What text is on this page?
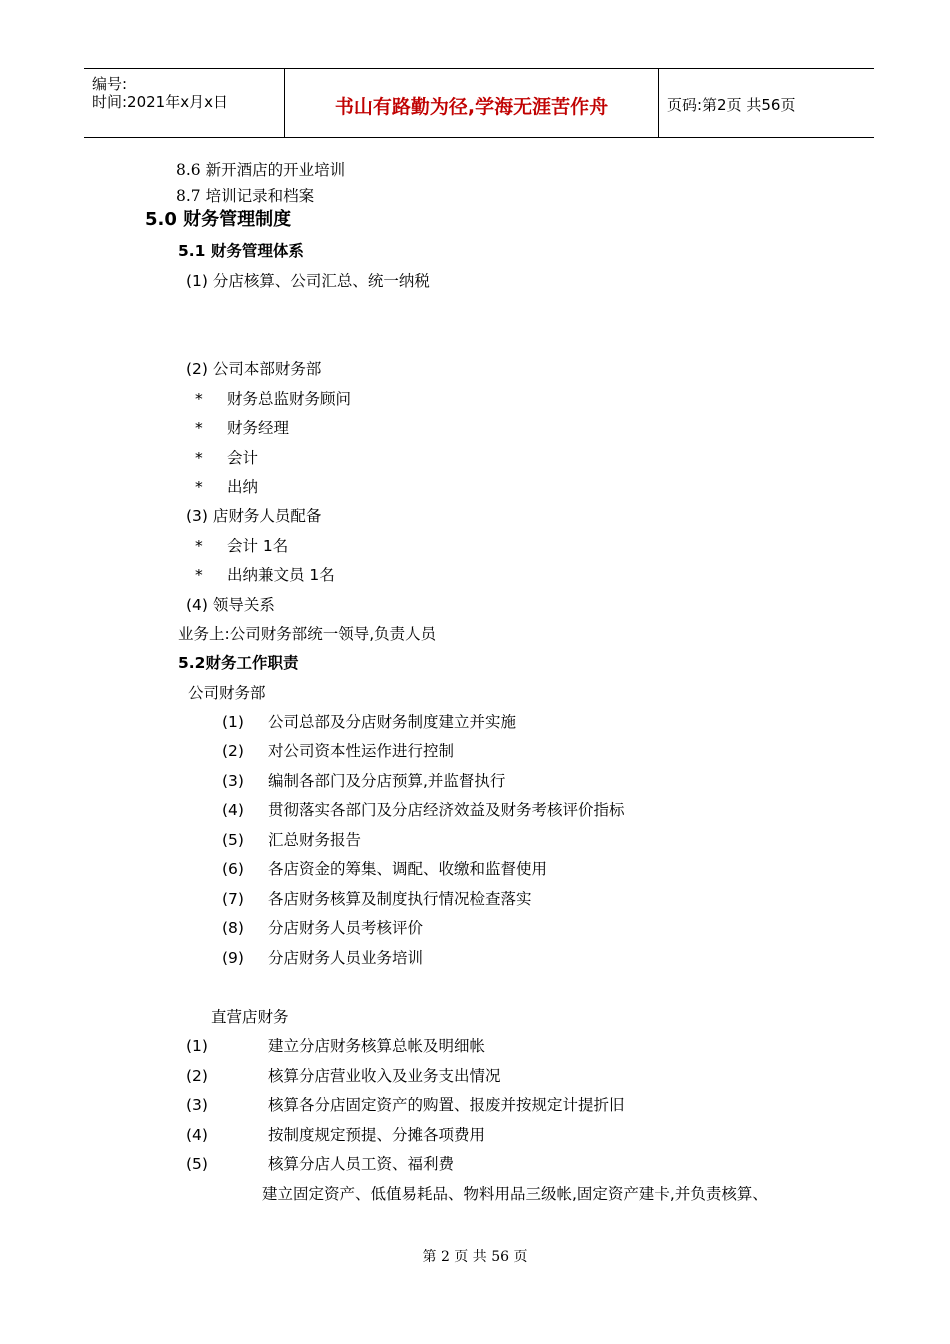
编号:
时间:2021年x月x日	书山有路勤为径,学海无涯苦作舟	页码:第2页 共56页
8.6 新开酒店的开业培训
8.7 培训记录和档案
5.0 财务管理制度
5.1 财务管理体系
(1) 分店核算、公司汇总、统一纳税
(2) 公司本部财务部
* 财务总监财务顾问
* 财务经理
* 会计
* 出纳
(3) 店财务人员配备
* 会计 1名
* 出纳兼文员 1名
(4) 领导关系
业务上:公司财务部统一领导,负责人员
5.2财务工作职责
公司财务部
(1) 公司总部及分店财务制度建立并实施
(2) 对公司资本性运作进行控制
(3) 编制各部门及分店预算,并监督执行
(4) 贯彻落实各部门及分店经济效益及财务考核评价指标
(5) 汇总财务报告
(6) 各店资金的筹集、调配、收缴和监督使用
(7) 各店财务核算及制度执行情况检查落实
(8) 分店财务人员考核评价
(9) 分店财务人员业务培训
直营店财务
(1)	建立分店财务核算总帐及明细帐
(2)	核算分店营业收入及业务支出情况
(3)	核算各分店固定资产的购置、报废并按规定计提折旧
(4)	按制度规定预提、分摊各项费用
(5)	核算分店人员工资、福利费
建立固定资产、低值易耗品、物料用品三级帐,固定资产建卡,并负责核算、
第 2 页 共 56 页
